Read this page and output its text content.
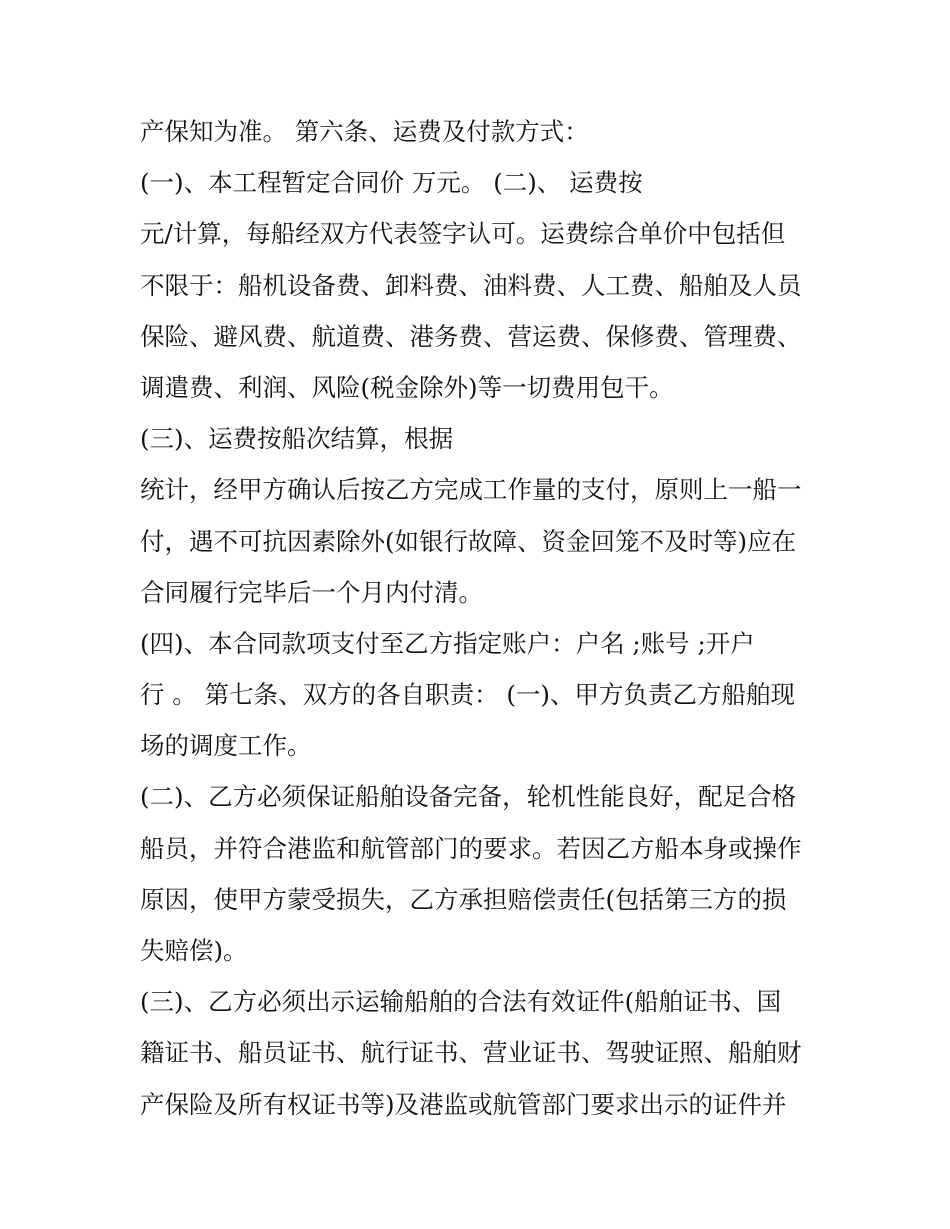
产保知为准。 第六条、运费及付款方式：
(一)、本工程暂定合同价 万元。 (二)、 运费按
元/计算，每船经双方代表签字认可。运费综合单价中包括但
不限于：船机设备费、卸料费、油料费、人工费、船舶及人员
保险、避风费、航道费、港务费、营运费、保修费、管理费、
调遣费、利润、风险(税金除外)等一切费用包干。
(三)、运费按船次结算，根据
统计，经甲方确认后按乙方完成工作量的支付，原则上一船一
付，遇不可抗因素除外(如银行故障、资金回笼不及时等)应在
合同履行完毕后一个月内付清。
(四)、本合同款项支付至乙方指定账户：户名 ;账号 ;开户
行 。 第七条、双方的各自职责： (一)、甲方负责乙方船舶现
场的调度工作。
(二)、乙方必须保证船舶设备完备，轮机性能良好，配足合格
船员，并符合港监和航管部门的要求。若因乙方船本身或操作
原因，使甲方蒙受损失，乙方承担赔偿责任(包括第三方的损
失赔偿)。
(三)、乙方必须出示运输船舶的合法有效证件(船舶证书、国
籍证书、船员证书、航行证书、营业证书、驾驶证照、船舶财
产保险及所有权证书等)及港监或航管部门要求出示的证件并
